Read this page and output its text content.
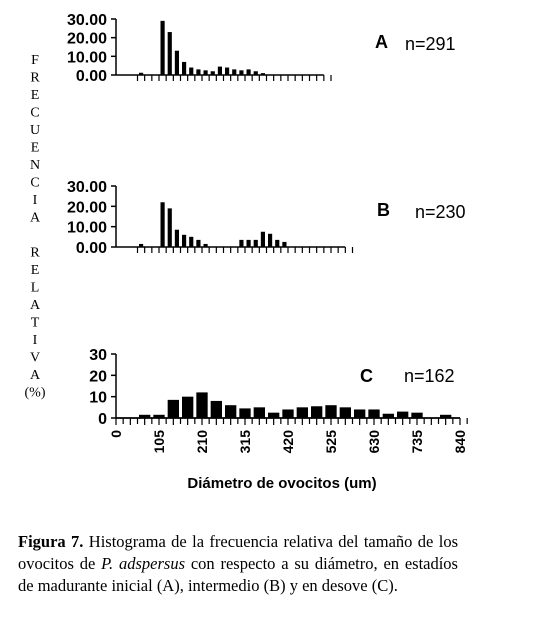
F
R
E
C
U
E
N
C
I
A
R
E
L
A
T
I
V
A
(%)
30.00
20.00
10.00
0.00
A n=291
30.00
20.00
10.00
0.00
B n=230
30
20
10
0
0 105 210 315 420 525 630 735 840
C n=162
Diámetro de ovocitos (um)
Figura 7. Histograma de la frecuencia relativa del tamaño de los ovocitos de P. adspersus con respecto a su diámetro, en estadíos de madurante inicial (A), intermedio (B) y en desove (C).
